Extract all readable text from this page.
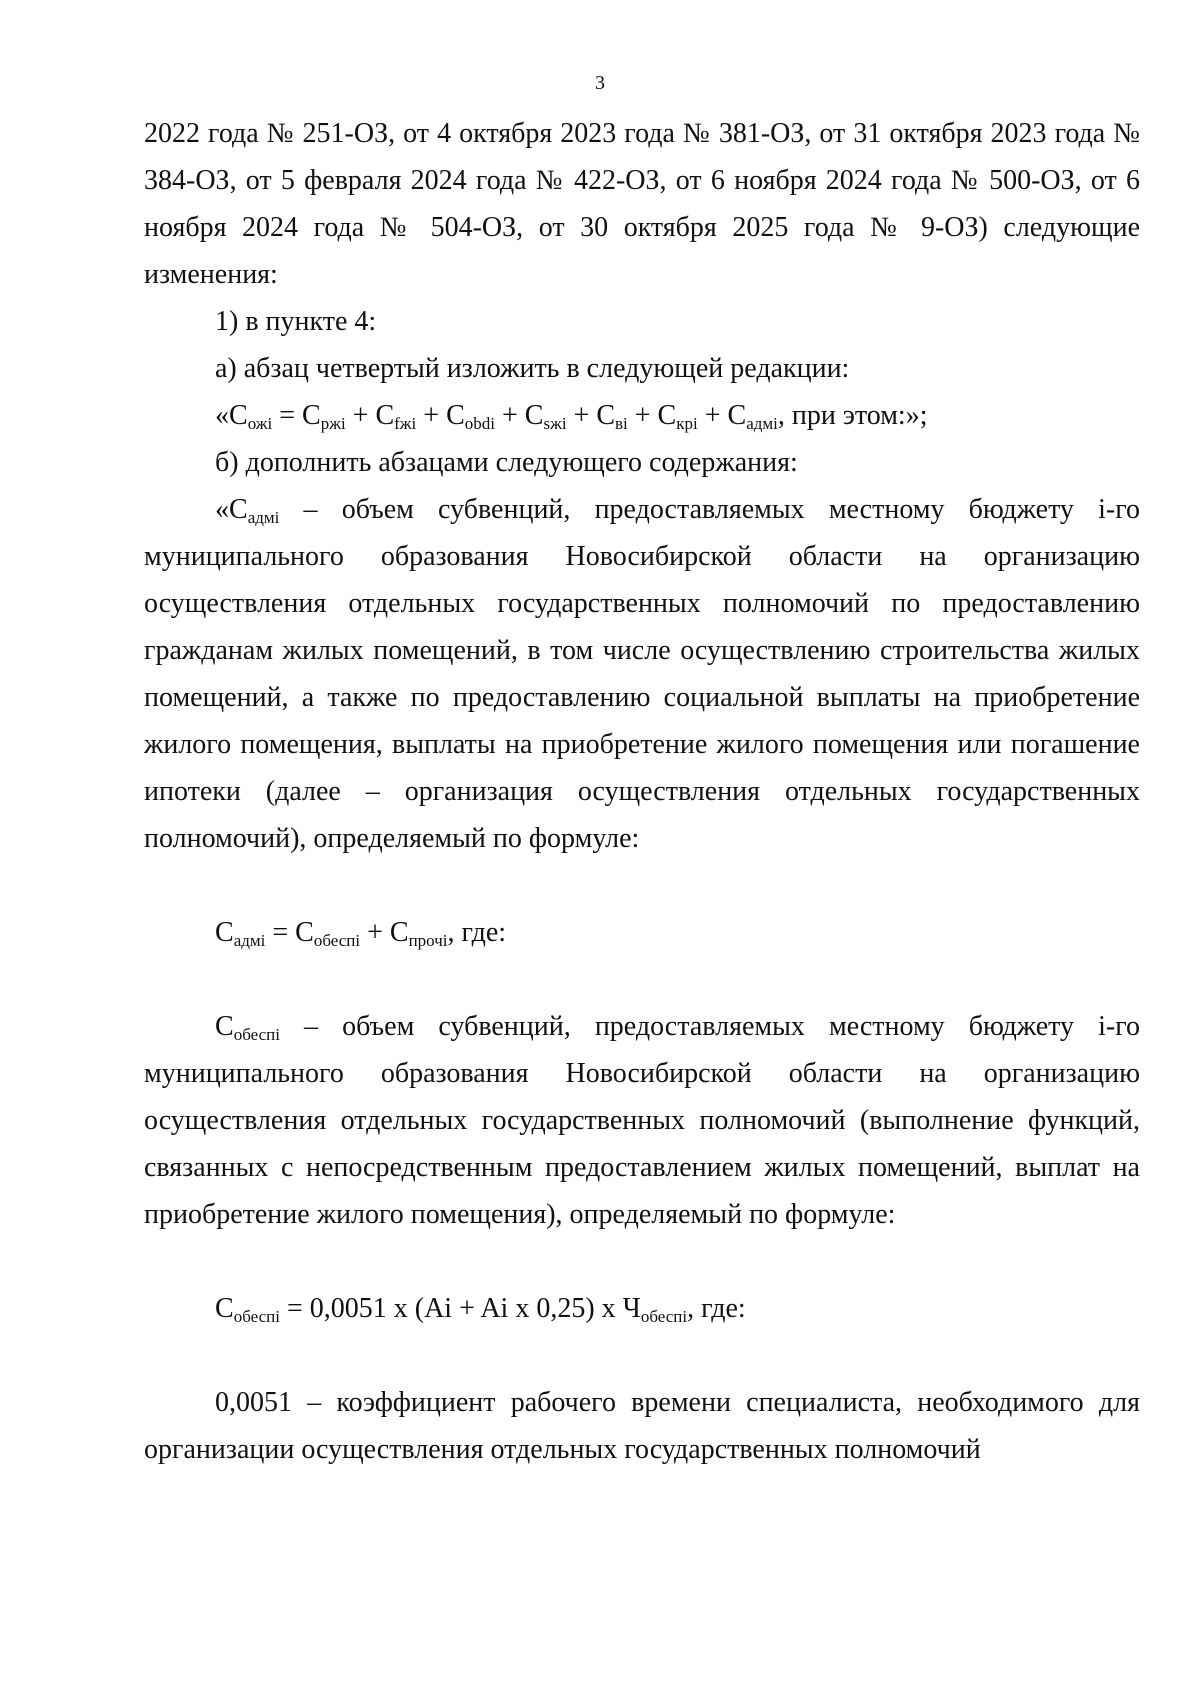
3

2022 года № 251-ОЗ, от 4 октября 2023 года № 381-ОЗ, от 31 октября 2023 года № 384-ОЗ, от 5 февраля 2024 года № 422-ОЗ, от 6 ноября 2024 года № 500-ОЗ, от 6 ноября 2024 года № 504-ОЗ, от 30 октября 2025 года № 9-ОЗ) следующие изменения:

1) в пункте 4:

а) абзац четвертый изложить в следующей редакции:

«$С_{ожi} = С_{ржi} + С_{fжi} + С_{obdi} + С_{sжi} + С_{вi} + С_{крi} + С_{адмi}$, при этом:»;

б) дополнить абзацами следующего содержания:

«$С_{адмi}$ – объем субвенций, предоставляемых местному бюджету i-го муниципального образования Новосибирской области на организацию осуществления отдельных государственных полномочий по предоставлению гражданам жилых помещений, в том числе осуществлению строительства жилых помещений, а также по предоставлению социальной выплаты на приобретение жилого помещения, выплаты на приобретение жилого помещения или погашение ипотеки (далее – организация осуществления отдельных государственных полномочий), определяемый по формуле:

$С_{адмi} = С_{обеспi} + С_{прочi}$, где:

$С_{обеспi}$ – объем субвенций, предоставляемых местному бюджету i-го муниципального образования Новосибирской области на организацию осуществления отдельных государственных полномочий (выполнение функций, связанных с непосредственным предоставлением жилых помещений, выплат на приобретение жилого помещения), определяемый по формуле:

$С_{обеспi} = 0,0051$ х (Ai + Ai х 0,25) х $Ч_{обеспi}$, где:

0,0051 – коэффициент рабочего времени специалиста, необходимого для организации осуществления отдельных государственных полномочий
